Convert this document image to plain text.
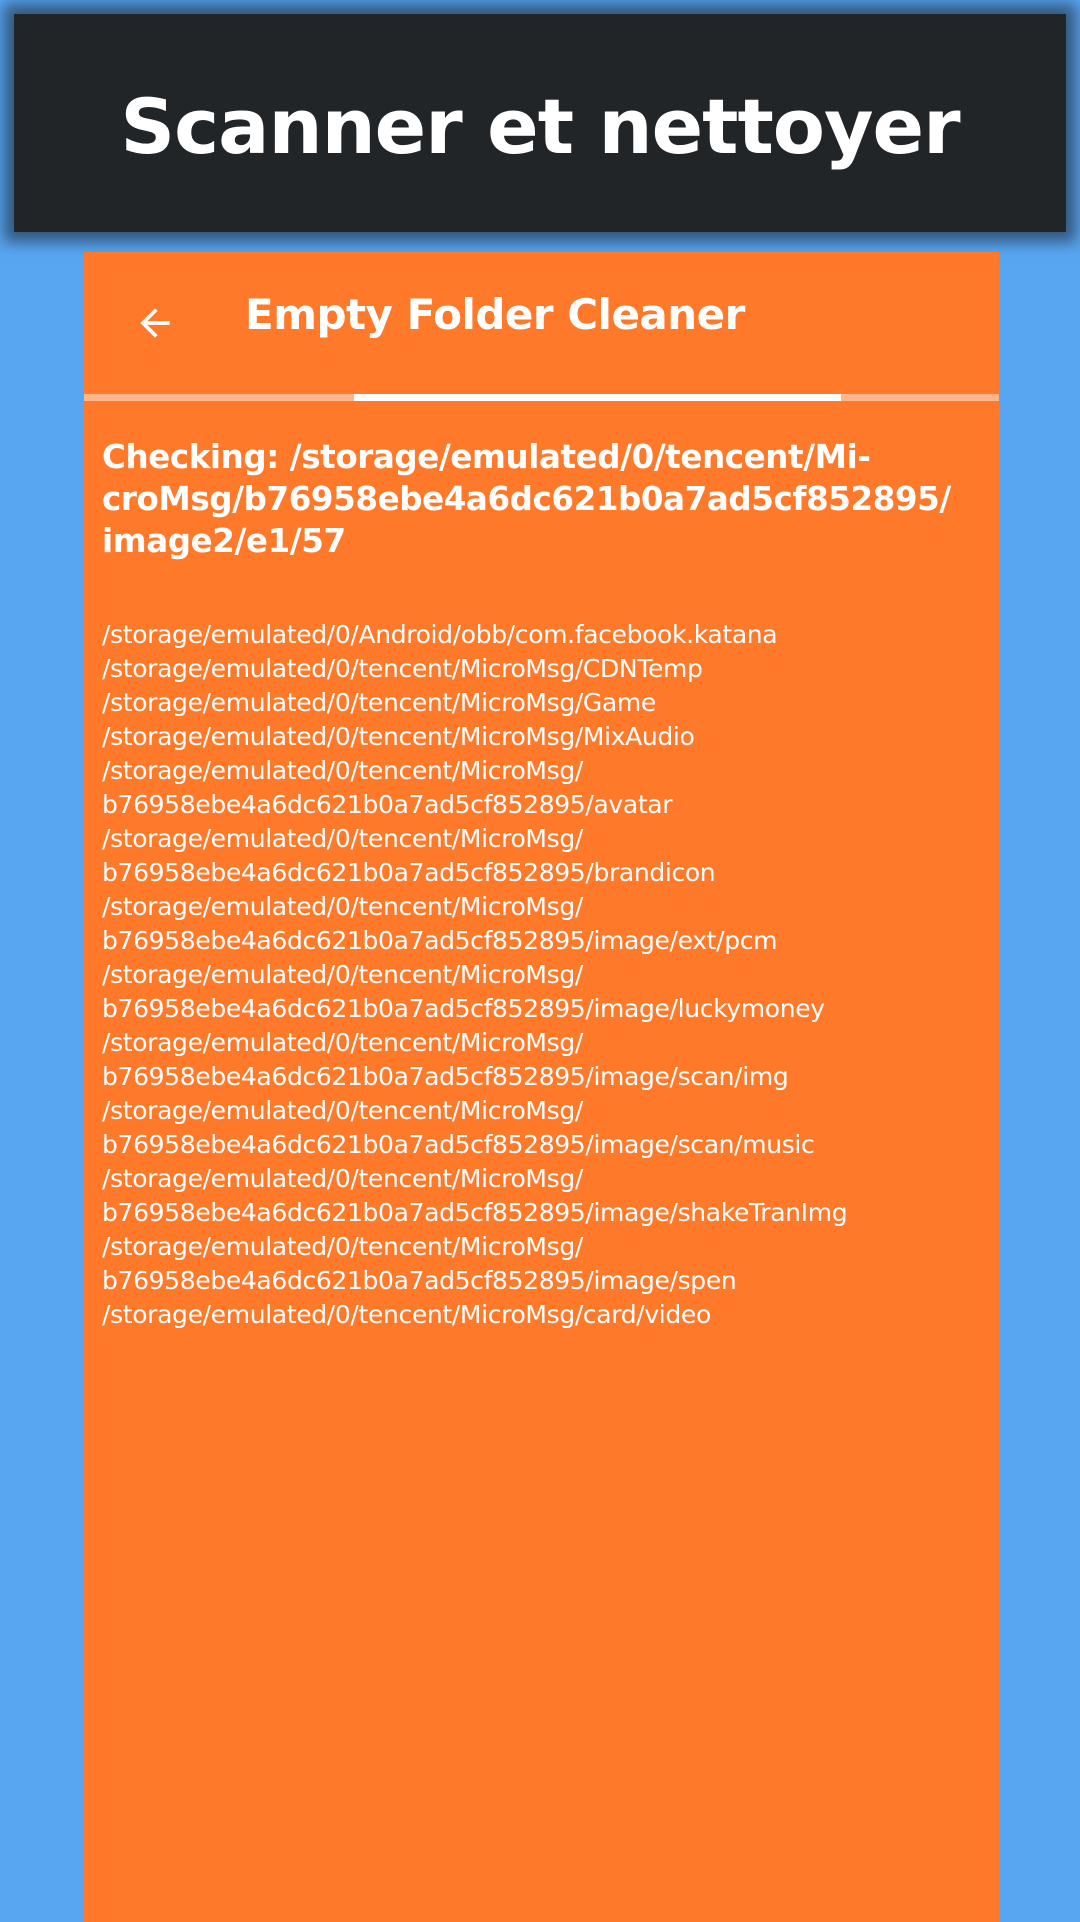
Scanner et nettoyer
Empty Folder Cleaner
Checking: /storage/emulated/0/tencent/Mi-
croMsg/b76958ebe4a6dc621b0a7ad5cf852895/
image2/e1/57
/storage/emulated/0/Android/obb/com.facebook.katana
/storage/emulated/0/tencent/MicroMsg/CDNTemp
/storage/emulated/0/tencent/MicroMsg/Game
/storage/emulated/0/tencent/MicroMsg/MixAudio
/storage/emulated/0/tencent/MicroMsg/
b76958ebe4a6dc621b0a7ad5cf852895/avatar
/storage/emulated/0/tencent/MicroMsg/
b76958ebe4a6dc621b0a7ad5cf852895/brandicon
/storage/emulated/0/tencent/MicroMsg/
b76958ebe4a6dc621b0a7ad5cf852895/image/ext/pcm
/storage/emulated/0/tencent/MicroMsg/
b76958ebe4a6dc621b0a7ad5cf852895/image/luckymoney
/storage/emulated/0/tencent/MicroMsg/
b76958ebe4a6dc621b0a7ad5cf852895/image/scan/img
/storage/emulated/0/tencent/MicroMsg/
b76958ebe4a6dc621b0a7ad5cf852895/image/scan/music
/storage/emulated/0/tencent/MicroMsg/
b76958ebe4a6dc621b0a7ad5cf852895/image/shakeTranImg
/storage/emulated/0/tencent/MicroMsg/
b76958ebe4a6dc621b0a7ad5cf852895/image/spen
/storage/emulated/0/tencent/MicroMsg/card/video
